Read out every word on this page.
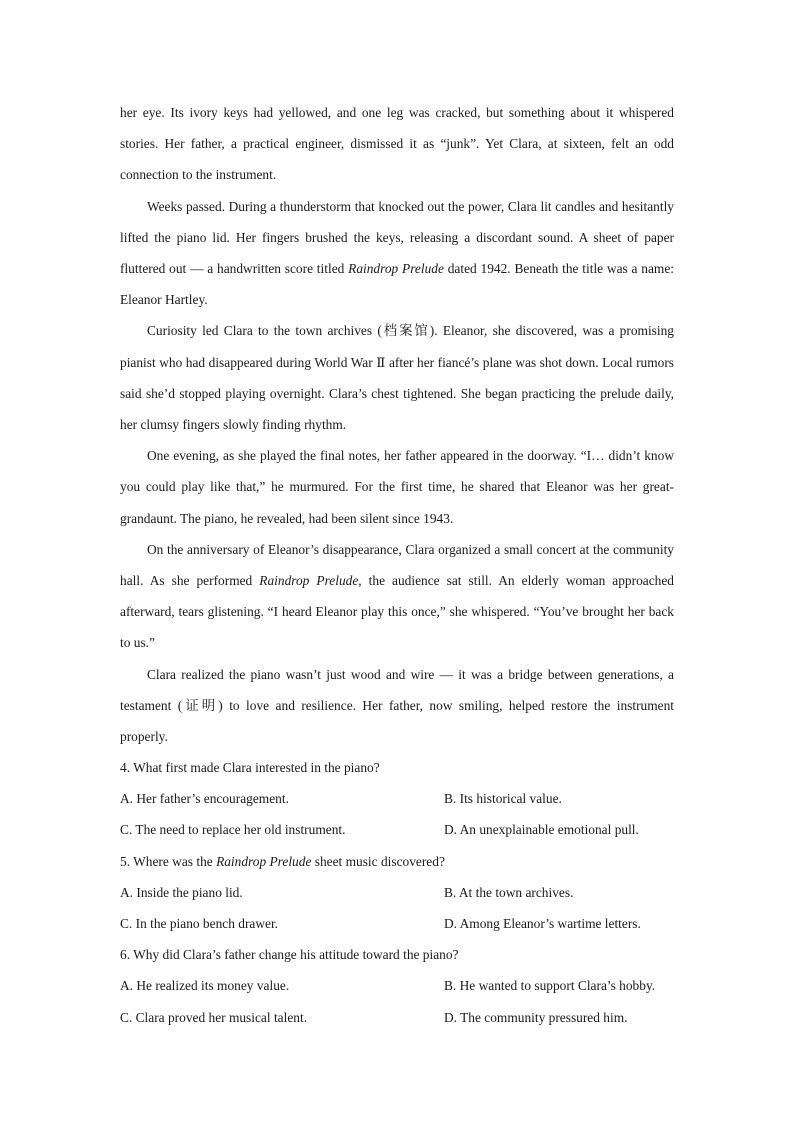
her eye. Its ivory keys had yellowed, and one leg was cracked, but something about it whispered stories. Her father, a practical engineer, dismissed it as “junk”. Yet Clara, at sixteen, felt an odd connection to the instrument.

Weeks passed. During a thunderstorm that knocked out the power, Clara lit candles and hesitantly lifted the piano lid. Her fingers brushed the keys, releasing a discordant sound. A sheet of paper fluttered out — a handwritten score titled Raindrop Prelude dated 1942. Beneath the title was a name: Eleanor Hartley.

Curiosity led Clara to the town archives (档案馆). Eleanor, she discovered, was a promising pianist who had disappeared during World War Ⅱ after her fiancé’s plane was shot down. Local rumors said she’d stopped playing overnight. Clara’s chest tightened. She began practicing the prelude daily, her clumsy fingers slowly finding rhythm.

One evening, as she played the final notes, her father appeared in the doorway. “I… didn’t know you could play like that,” he murmured. For the first time, he shared that Eleanor was her great-grandaunt. The piano, he revealed, had been silent since 1943.

On the anniversary of Eleanor’s disappearance, Clara organized a small concert at the community hall. As she performed Raindrop Prelude, the audience sat still. An elderly woman approached afterward, tears glistening. “I heard Eleanor play this once,” she whispered. “You’ve brought her back to us.”

Clara realized the piano wasn’t just wood and wire — it was a bridge between generations, a testament (证明) to love and resilience. Her father, now smiling, helped restore the instrument properly.

4. What first made Clara interested in the piano?

A. Her father’s encouragement.	B. Its historical value.
C. The need to replace her old instrument.	D. An unexplainable emotional pull.

5. Where was the Raindrop Prelude sheet music discovered?

A. Inside the piano lid.	B. At the town archives.
C. In the piano bench drawer.	D. Among Eleanor’s wartime letters.

6. Why did Clara’s father change his attitude toward the piano?

A. He realized its money value.	B. He wanted to support Clara’s hobby.
C. Clara proved her musical talent.	D. The community pressured him.
